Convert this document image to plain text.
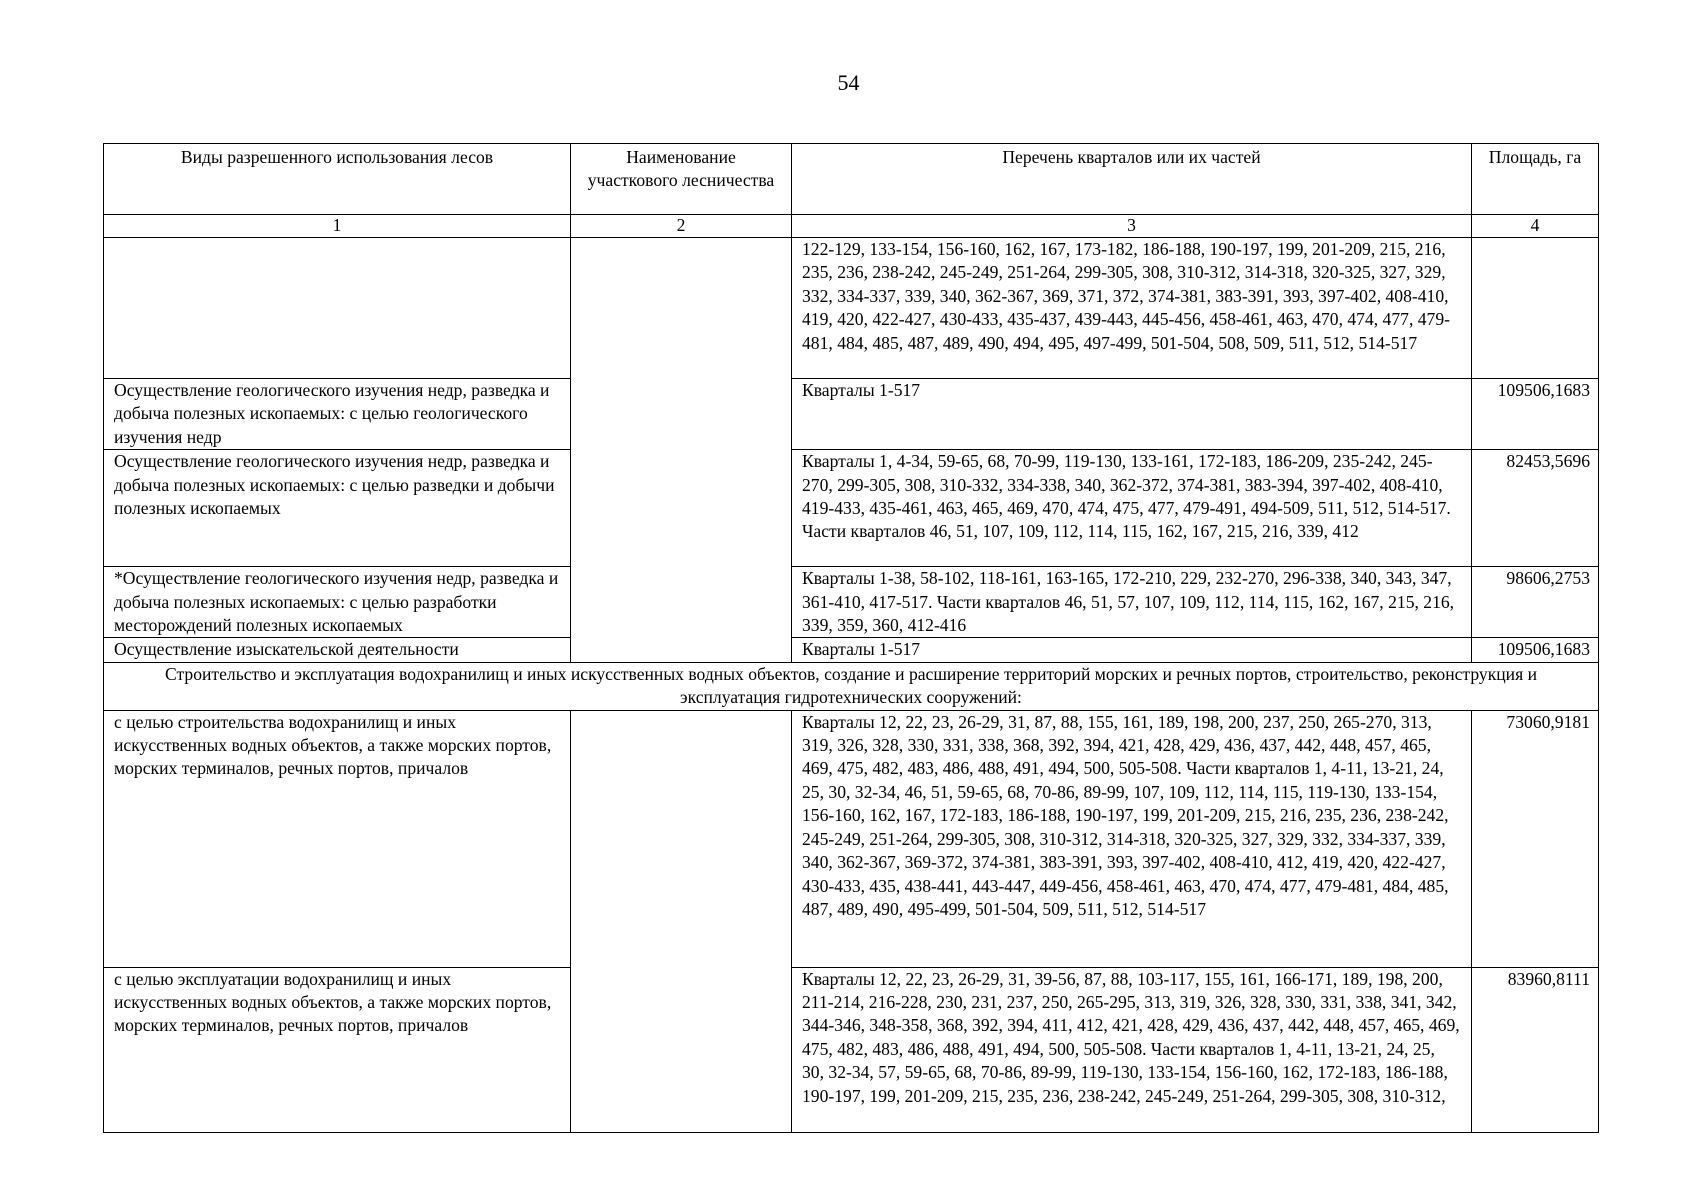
54
Виды разрешенного использования лесов	Наименование участкового лесничества	Перечень кварталов или их частей	Площадь, га
1	2	3	4
		122-129, 133-154, 156-160, 162, 167, 173-182, 186-188, 190-197, 199, 201-209, 215, 216, 235, 236, 238-242, 245-249, 251-264, 299-305, 308, 310-312, 314-318, 320-325, 327, 329, 332, 334-337, 339, 340, 362-367, 369, 371, 372, 374-381, 383-391, 393, 397-402, 408-410, 419, 420, 422-427, 430-433, 435-437, 439-443, 445-456, 458-461, 463, 470, 474, 477, 479-481, 484, 485, 487, 489, 490, 494, 495, 497-499, 501-504, 508, 509, 511, 512, 514-517	
Осуществление геологического изучения недр, разведка и добыча полезных ископаемых: с целью геологического изучения недр		Кварталы 1-517	109506,1683
Осуществление геологического изучения недр, разведка и добыча полезных ископаемых: с целью разведки и добычи полезных ископаемых		Кварталы 1, 4-34, 59-65, 68, 70-99, 119-130, 133-161, 172-183, 186-209, 235-242, 245-270, 299-305, 308, 310-332, 334-338, 340, 362-372, 374-381, 383-394, 397-402, 408-410, 419-433, 435-461, 463, 465, 469, 470, 474, 475, 477, 479-491, 494-509, 511, 512, 514-517. Части кварталов 46, 51, 107, 109, 112, 114, 115, 162, 167, 215, 216, 339, 412	82453,5696
*Осуществление геологического изучения недр, разведка и добыча полезных ископаемых: с целью разработки месторождений полезных ископаемых		Кварталы 1-38, 58-102, 118-161, 163-165, 172-210, 229, 232-270, 296-338, 340, 343, 347, 361-410, 417-517. Части кварталов 46, 51, 57, 107, 109, 112, 114, 115, 162, 167, 215, 216, 339, 359, 360, 412-416	98606,2753
Осуществление изыскательской деятельности		Кварталы 1-517	109506,1683
Строительство и эксплуатация водохранилищ и иных искусственных водных объектов, создание и расширение территорий морских и речных портов, строительство, реконструкция и эксплуатация гидротехнических сооружений:			
с целью строительства водохранилищ и иных искусственных водных объектов, а также морских портов, морских терминалов, речных портов, причалов		Кварталы 12, 22, 23, 26-29, 31, 87, 88, 155, 161, 189, 198, 200, 237, 250, 265-270, 313, 319, 326, 328, 330, 331, 338, 368, 392, 394, 421, 428, 429, 436, 437, 442, 448, 457, 465, 469, 475, 482, 483, 486, 488, 491, 494, 500, 505-508. Части кварталов 1, 4-11, 13-21, 24, 25, 30, 32-34, 46, 51, 59-65, 68, 70-86, 89-99, 107, 109, 112, 114, 115, 119-130, 133-154, 156-160, 162, 167, 172-183, 186-188, 190-197, 199, 201-209, 215, 216, 235, 236, 238-242, 245-249, 251-264, 299-305, 308, 310-312, 314-318, 320-325, 327, 329, 332, 334-337, 339, 340, 362-367, 369-372, 374-381, 383-391, 393, 397-402, 408-410, 412, 419, 420, 422-427, 430-433, 435, 438-441, 443-447, 449-456, 458-461, 463, 470, 474, 477, 479-481, 484, 485, 487, 489, 490, 495-499, 501-504, 509, 511, 512, 514-517	73060,9181
с целью эксплуатации водохранилищ и иных искусственных водных объектов, а также морских портов, морских терминалов, речных портов, причалов		Кварталы 12, 22, 23, 26-29, 31, 39-56, 87, 88, 103-117, 155, 161, 166-171, 189, 198, 200, 211-214, 216-228, 230, 231, 237, 250, 265-295, 313, 319, 326, 328, 330, 331, 338, 341, 342, 344-346, 348-358, 368, 392, 394, 411, 412, 421, 428, 429, 436, 437, 442, 448, 457, 465, 469, 475, 482, 483, 486, 488, 491, 494, 500, 505-508. Части кварталов 1, 4-11, 13-21, 24, 25, 30, 32-34, 57, 59-65, 68, 70-86, 89-99, 119-130, 133-154, 156-160, 162, 172-183, 186-188, 190-197, 199, 201-209, 215, 235, 236, 238-242, 245-249, 251-264, 299-305, 308, 310-312,	83960,8111
